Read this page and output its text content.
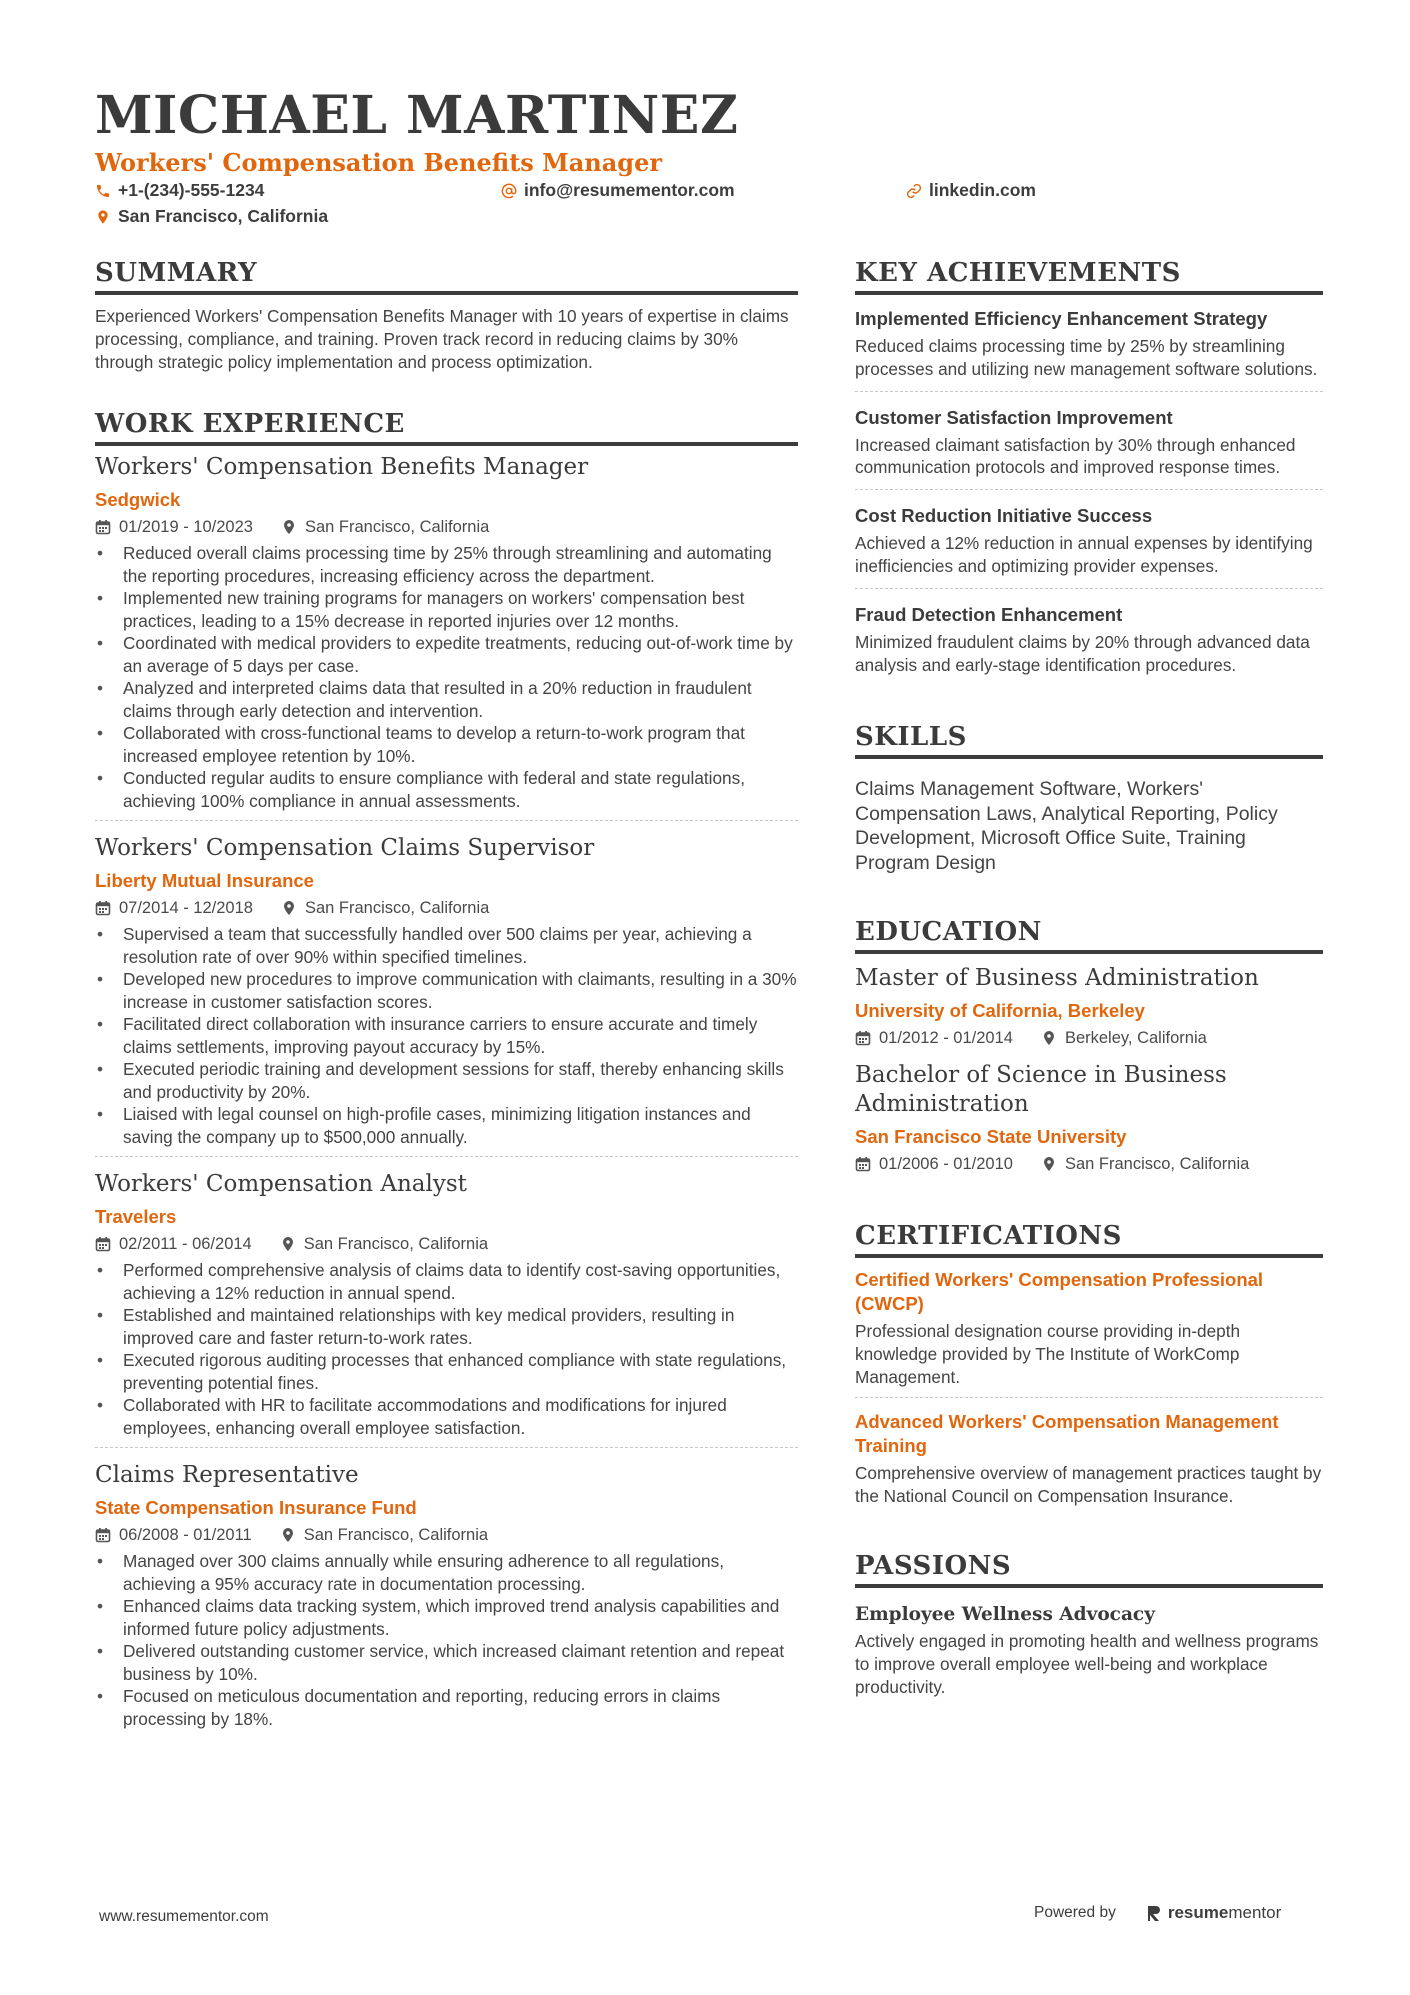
MICHAEL MARTINEZ
Workers' Compensation Benefits Manager
+1-(234)-555-1234	info@resumementor.com	linkedin.com
San Francisco, California
SUMMARY
Experienced Workers' Compensation Benefits Manager with 10 years of expertise in claims processing, compliance, and training. Proven track record in reducing claims by 30% through strategic policy implementation and process optimization.
WORK EXPERIENCE
Workers' Compensation Benefits Manager
Sedgwick
01/2019 - 10/2023	San Francisco, California
• Reduced overall claims processing time by 25% through streamlining and automating the reporting procedures, increasing efficiency across the department.
• Implemented new training programs for managers on workers' compensation best practices, leading to a 15% decrease in reported injuries over 12 months.
• Coordinated with medical providers to expedite treatments, reducing out-of-work time by an average of 5 days per case.
• Analyzed and interpreted claims data that resulted in a 20% reduction in fraudulent claims through early detection and intervention.
• Collaborated with cross-functional teams to develop a return-to-work program that increased employee retention by 10%.
• Conducted regular audits to ensure compliance with federal and state regulations, achieving 100% compliance in annual assessments.
Workers' Compensation Claims Supervisor
Liberty Mutual Insurance
07/2014 - 12/2018	San Francisco, California
• Supervised a team that successfully handled over 500 claims per year, achieving a resolution rate of over 90% within specified timelines.
• Developed new procedures to improve communication with claimants, resulting in a 30% increase in customer satisfaction scores.
• Facilitated direct collaboration with insurance carriers to ensure accurate and timely claims settlements, improving payout accuracy by 15%.
• Executed periodic training and development sessions for staff, thereby enhancing skills and productivity by 20%.
• Liaised with legal counsel on high-profile cases, minimizing litigation instances and saving the company up to $500,000 annually.
Workers' Compensation Analyst
Travelers
02/2011 - 06/2014	San Francisco, California
• Performed comprehensive analysis of claims data to identify cost-saving opportunities, achieving a 12% reduction in annual spend.
• Established and maintained relationships with key medical providers, resulting in improved care and faster return-to-work rates.
• Executed rigorous auditing processes that enhanced compliance with state regulations, preventing potential fines.
• Collaborated with HR to facilitate accommodations and modifications for injured employees, enhancing overall employee satisfaction.
Claims Representative
State Compensation Insurance Fund
06/2008 - 01/2011	San Francisco, California
• Managed over 300 claims annually while ensuring adherence to all regulations, achieving a 95% accuracy rate in documentation processing.
• Enhanced claims data tracking system, which improved trend analysis capabilities and informed future policy adjustments.
• Delivered outstanding customer service, which increased claimant retention and repeat business by 10%.
• Focused on meticulous documentation and reporting, reducing errors in claims processing by 18%.
KEY ACHIEVEMENTS
Implemented Efficiency Enhancement Strategy
Reduced claims processing time by 25% by streamlining processes and utilizing new management software solutions.
Customer Satisfaction Improvement
Increased claimant satisfaction by 30% through enhanced communication protocols and improved response times.
Cost Reduction Initiative Success
Achieved a 12% reduction in annual expenses by identifying inefficiencies and optimizing provider expenses.
Fraud Detection Enhancement
Minimized fraudulent claims by 20% through advanced data analysis and early-stage identification procedures.
SKILLS
Claims Management Software, Workers' Compensation Laws, Analytical Reporting, Policy Development, Microsoft Office Suite, Training Program Design
EDUCATION
Master of Business Administration
University of California, Berkeley
01/2012 - 01/2014	Berkeley, California
Bachelor of Science in Business Administration
San Francisco State University
01/2006 - 01/2010	San Francisco, California
CERTIFICATIONS
Certified Workers' Compensation Professional (CWCP)
Professional designation course providing in-depth knowledge provided by The Institute of WorkComp Management.
Advanced Workers' Compensation Management Training
Comprehensive overview of management practices taught by the National Council on Compensation Insurance.
PASSIONS
Employee Wellness Advocacy
Actively engaged in promoting health and wellness programs to improve overall employee well-being and workplace productivity.
www.resumementor.com	Powered by	resume mentor
